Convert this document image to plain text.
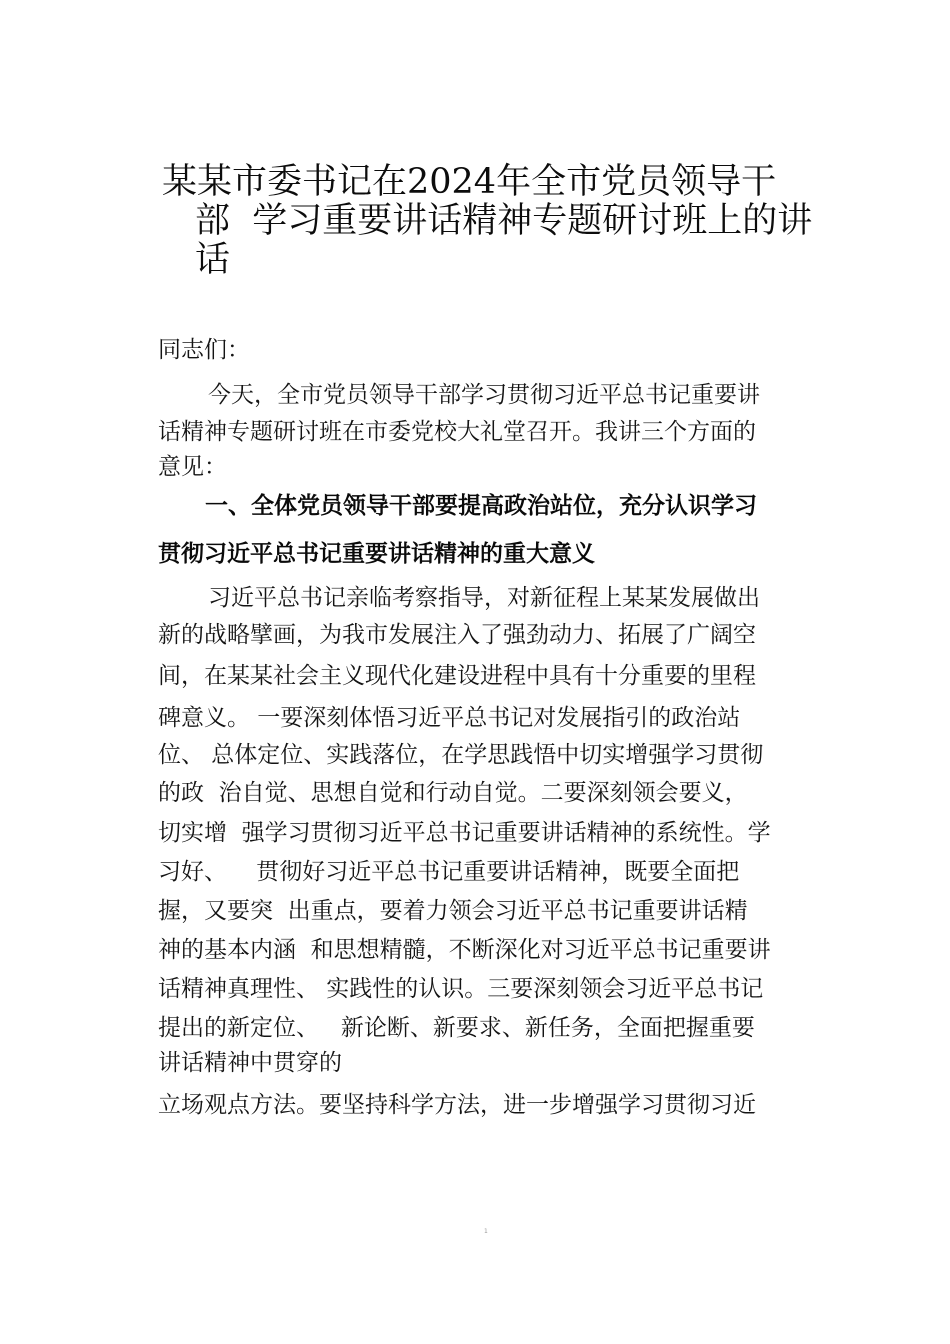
某某市委书记在2024年全市党员领导干
部  学习重要讲话精神专题研讨班上的讲
话
同志们：
今天，全市党员领导干部学习贯彻习近平总书记重要讲
话精神专题研讨班在市委党校大礼堂召开。我讲三个方面的
意见：
一、全体党员领导干部要提高政治站位，充分认识学习
贯彻习近平总书记重要讲话精神的重大意义
习近平总书记亲临考察指导，对新征程上某某发展做出
新的战略擘画，为我市发展注入了强劲动力、拓展了广阔空
间，在某某社会主义现代化建设进程中具有十分重要的里程
碑意义。 一要深刻体悟习近平总书记对发展指引的政治站
位、 总体定位、实践落位，在学思践悟中切实增强学习贯彻
的政  治自觉、思想自觉和行动自觉。二要深刻领会要义，
切实增  强学习贯彻习近平总书记重要讲话精神的系统性。学
习好、    贯彻好习近平总书记重要讲话精神，既要全面把
握，又要突  出重点，要着力领会习近平总书记重要讲话精
神的基本内涵  和思想精髓，不断深化对习近平总书记重要讲
话精神真理性、 实践性的认识。三要深刻领会习近平总书记
提出的新定位、   新论断、新要求、新任务，全面把握重要
讲话精神中贯穿的
立场观点方法。要坚持科学方法，进一步增强学习贯彻习近
1
